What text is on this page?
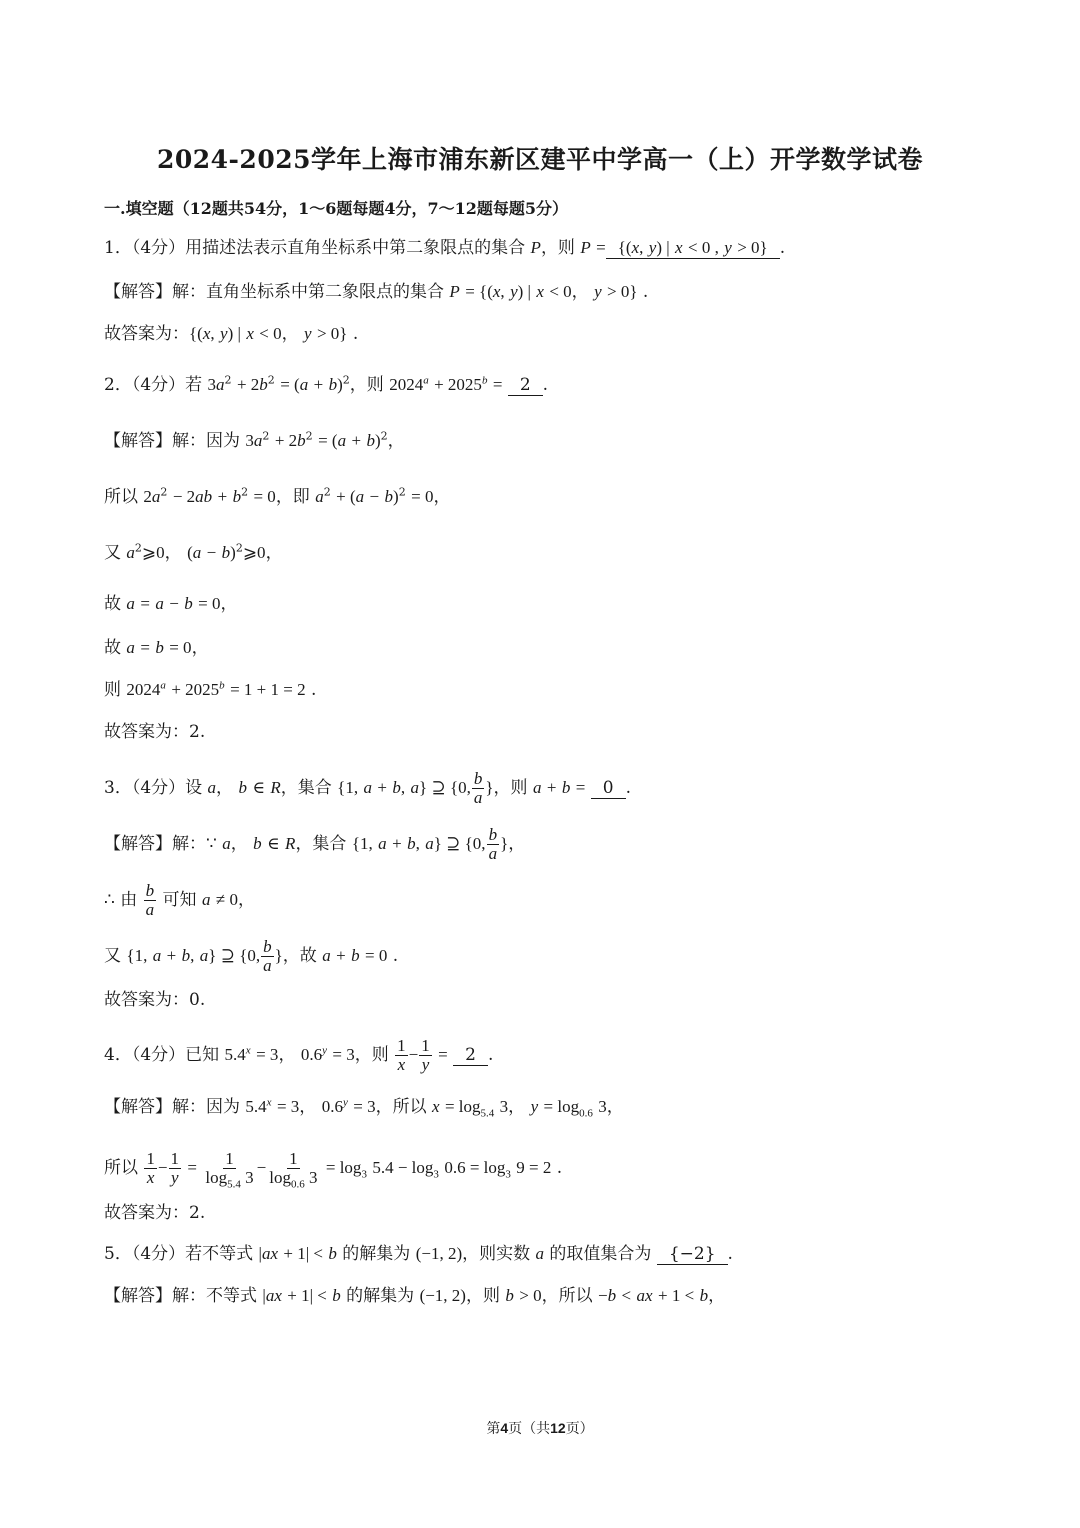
2024-2025学年上海市浦东新区建平中学高一（上）开学数学试卷
一.填空题（12题共54分，1～6题每题4分，7～12题每题5分）
1．（4分）用描述法表示直角坐标系中第二象限点的集合 P，则 P = {(x, y) | x < 0 , y > 0} .
【解答】解：直角坐标系中第二象限点的集合 P = {(x, y) | x < 0， y > 0} .
故答案为：{(x, y) | x < 0， y > 0} .
2．（4分）若 $3a^2 + 2b^2 = (a + b)^2$，则 $2024^a + 2025^b = 2$ .
【解答】解：因为 $3a^2 + 2b^2 = (a + b)^2$，
所以 $2a^2 - 2ab + b^2 = 0$，即 $a^2 + (a - b)^2 = 0$，
又 $a^2⩾0$， $(a - b)^2⩾0$，
故 a = a − b = 0，
故 a = b = 0，
则 $2024^a + 2025^b = 1 + 1 = 2$ .
故答案为：2.
3．（4分）设 a， b ∈ R，集合 {1, a + b, a} ⊇ {0, $\frac{b}{a}$ }，则 a + b = 0 .
【解答】解：∵ a， b ∈ R，集合 {1, a + b, a} ⊇ {0, $\frac{b}{a}$ }，
∴ 由 $\frac{b}{a}$ 可知 a ≠ 0，
又 {1, a + b, a} ⊇ {0, $\frac{b}{a}$ }，故 a + b = 0 .
故答案为：0.
4．（4分）已知 $5.4^x = 3$， $0.6^y = 3$，则 $\frac{1}{x} - \frac{1}{y} = 2$ .
【解答】解：因为 $5.4^x = 3$， $0.6^y = 3$，所以 $x = \log_{5.4} 3$， $y = \log_{0.6} 3$，
所以 $\frac{1}{x} - \frac{1}{y} = \frac{1}{\log_{5.4} 3} - \frac{1}{\log_{0.6} 3} = \log_3 5.4 - \log_3 0.6 = \log_3 9 = 2$ .
故答案为：2.
5．（4分）若不等式 |ax + 1| < b 的解集为 (−1, 2)，则实数 a 的取值集合为 {−2} .
【解答】解：不等式 |ax + 1| < b 的解集为 (−1, 2)，则 b > 0，所以 −b < ax + 1 < b，
第4页（共12页）
